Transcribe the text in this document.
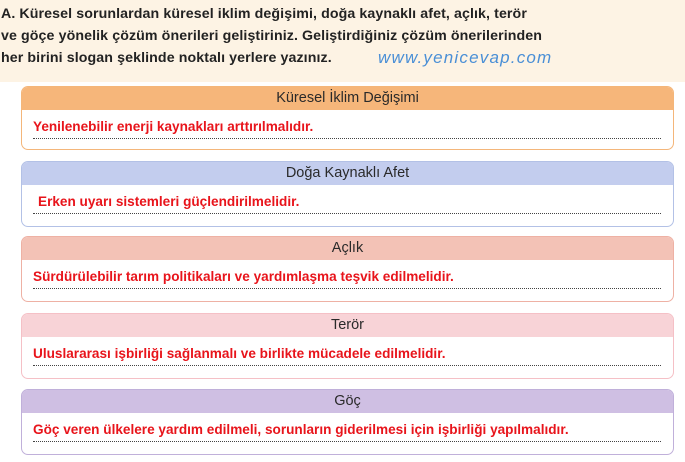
A. Küresel sorunlardan küresel iklim değişimi, doğa kaynaklı afet, açlık, terör
ve göçe yönelik çözüm önerileri geliştiriniz. Geliştirdiğiniz çözüm önerilerinden
her birini slogan şeklinde noktalı yerlere yazınız.	www.yenicevap.com
Küresel İklim Değişimi
Yenilenebilir enerji kaynakları arttırılmalıdır.
Doğa Kaynaklı Afet
Erken uyarı sistemleri güçlendirilmelidir.
Açlık
Sürdürülebilir tarım politikaları ve yardımlaşma teşvik edilmelidir.
Terör
Uluslararası işbirliği sağlanmalı ve birlikte mücadele edilmelidir.
Göç
Göç veren ülkelere yardım edilmeli, sorunların giderilmesi için işbirliği yapılmalıdır.
